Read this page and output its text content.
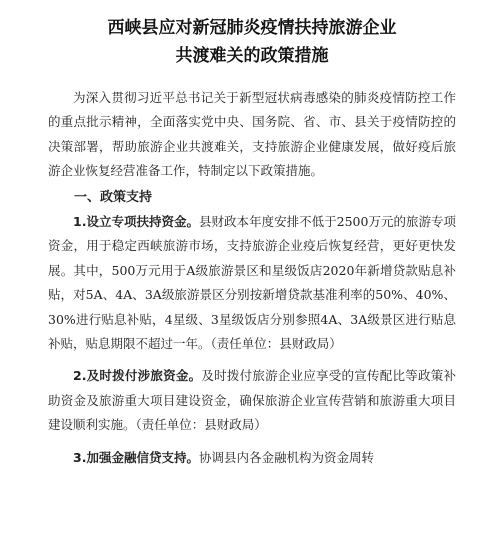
西峡县应对新冠肺炎疫情扶持旅游企业
共渡难关的政策措施

为深入贯彻习近平总书记关于新型冠状病毒感染的肺炎疫情防控工作的重点批示精神，全面落实党中央、国务院、省、市、县关于疫情防控的决策部署，帮助旅游企业共渡难关，支持旅游企业健康发展，做好疫后旅游企业恢复经营准备工作，特制定以下政策措施。

一、政策支持

1.设立专项扶持资金。县财政本年度安排不低于2500万元的旅游专项资金，用于稳定西峡旅游市场，支持旅游企业疫后恢复经营，更好更快发展。其中，500万元用于A级旅游景区和星级饭店2020年新增贷款贴息补贴，对5A、4A、3A级旅游景区分别按新增贷款基准利率的50%、40%、30%进行贴息补贴，4星级、3星级饭店分别参照4A、3A级景区进行贴息补贴，贴息期限不超过一年。（责任单位：县财政局）

2.及时拨付涉旅资金。及时拨付旅游企业应享受的宣传配比等政策补助资金及旅游重大项目建设资金，确保旅游企业宣传营销和旅游重大项目建设顺利实施。（责任单位：县财政局）

3.加强金融信贷支持。协调县内各金融机构为资金周转
